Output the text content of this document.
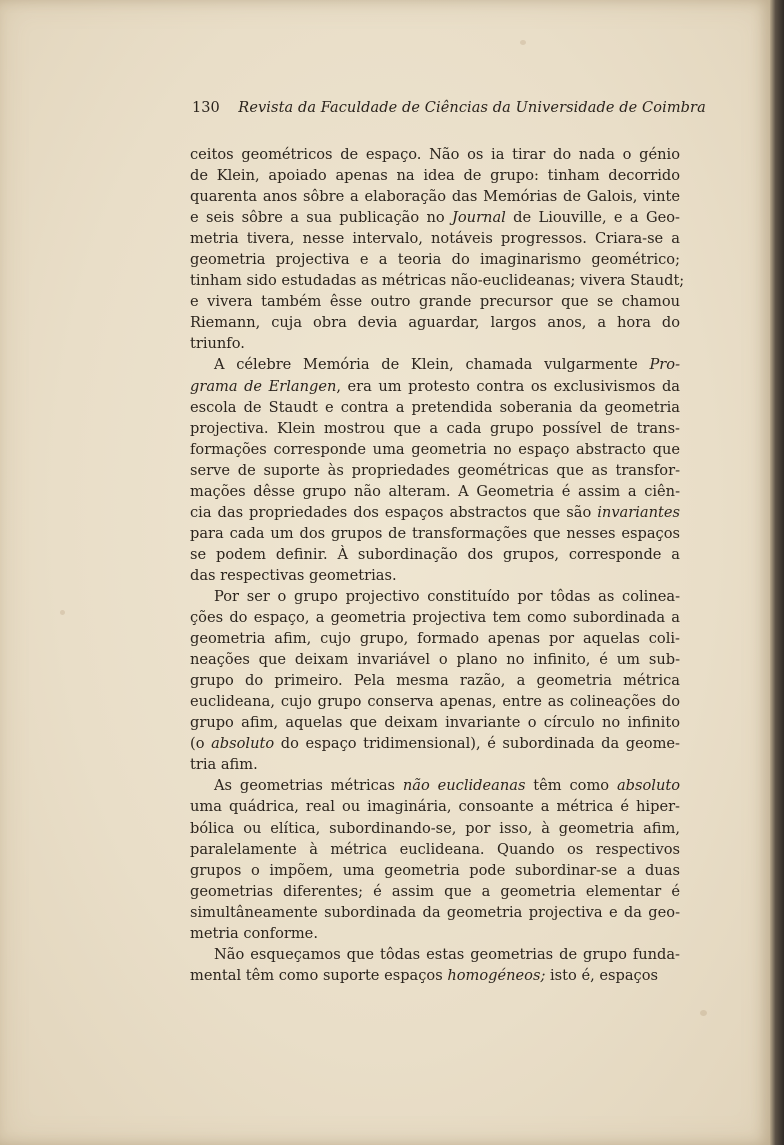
130 Revista da Faculdade de Ciências da Universidade de Coimbra

ceitos geométricos de espaço. Não os ia tirar do nada o génio
de Klein, apoiado apenas na idea de grupo: tinham decorrido
quarenta anos sôbre a elaboração das Memórias de Galois, vinte
e seis sôbre a sua publicação no Journal de Liouville, e a Geo-
metria tivera, nesse intervalo, notáveis progressos. Criara-se a
geometria projectiva e a teoria do imaginarismo geométrico;
tinham sido estudadas as métricas não-euclideanas; vivera Staudt;
e vivera também êsse outro grande precursor que se chamou
Riemann, cuja obra devia aguardar, largos anos, a hora do
triunfo.

A célebre Memória de Klein, chamada vulgarmente Pro-
grama de Erlangen, era um protesto contra os exclusivismos da
escola de Staudt e contra a pretendida soberania da geometria
projectiva. Klein mostrou que a cada grupo possível de trans-
formações corresponde uma geometria no espaço abstracto que
serve de suporte às propriedades geométricas que as transfor-
mações dêsse grupo não alteram. A Geometria é assim a ciên-
cia das propriedades dos espaços abstractos que são invariantes
para cada um dos grupos de transformações que nesses espaços
se podem definir. À subordinação dos grupos, corresponde a
das respectivas geometrias.

Por ser o grupo projectivo constituído por tôdas as colinea-
ções do espaço, a geometria projectiva tem como subordinada a
geometria afim, cujo grupo, formado apenas por aquelas coli-
neações que deixam invariável o plano no infinito, é um sub-
grupo do primeiro. Pela mesma razão, a geometria métrica
euclideana, cujo grupo conserva apenas, entre as colineações do
grupo afim, aquelas que deixam invariante o círculo no infinito
(o absoluto do espaço tridimensional), é subordinada da geome-
tria afim.

As geometrias métricas não euclideanas têm como absoluto
uma quádrica, real ou imaginária, consoante a métrica é hiper-
bólica ou elítica, subordinando-se, por isso, à geometria afim,
paralelamente à métrica euclideana. Quando os respectivos
grupos o impõem, uma geometria pode subordinar-se a duas
geometrias diferentes; é assim que a geometria elementar é
simultâneamente subordinada da geometria projectiva e da geo-
metria conforme.

Não esqueçamos que tôdas estas geometrias de grupo funda-
mental têm como suporte espaços homogéneos; isto é, espaços
